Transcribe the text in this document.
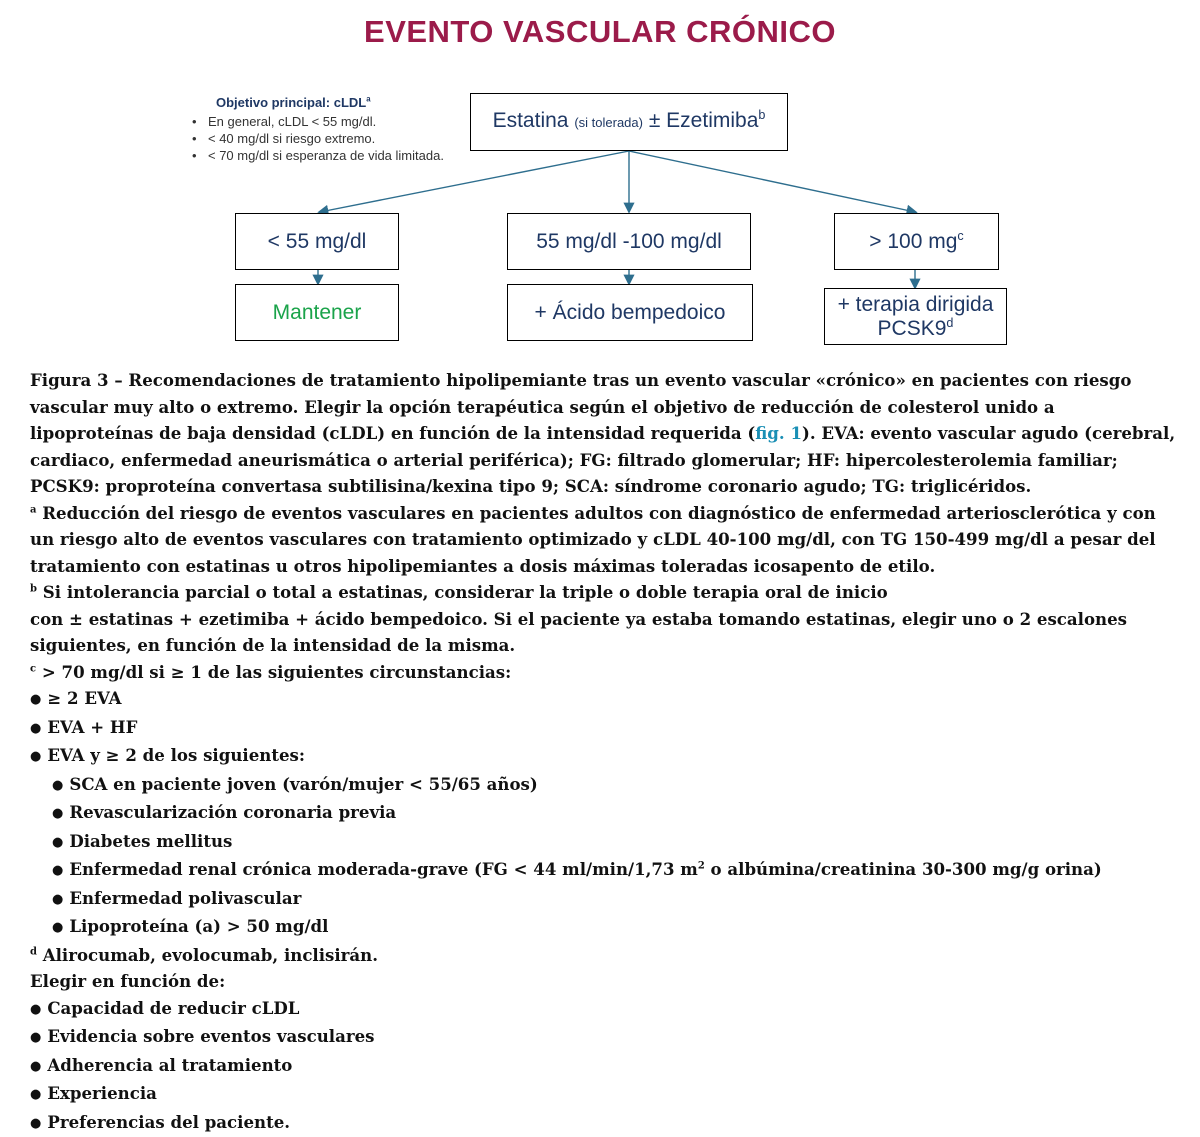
EVENTO VASCULAR CRÓNICO
Objetivo principal: cLDL$^a$
• En general, cLDL < 55 mg/dl.
• < 40 mg/dl si riesgo extremo.
• < 70 mg/dl si esperanza de vida limitada.
Estatina (si tolerada) ± Ezetimiba$^b$
< 55 mg/dl	55 mg/dl -100 mg/dl	> 100 $mg^c$
Mantener	+ Ácido bempedoico	+ terapia dirigida
PCSK9$^d$

Figura 3 – Recomendaciones de tratamiento hipolipemiante tras un evento vascular «crónico» en pacientes con riesgo vascular muy alto o extremo. Elegir la opción terapéutica según el objetivo de reducción de colesterol unido a lipoproteínas de baja densidad (cLDL) en función de la intensidad requerida (fig. 1). EVA: evento vascular agudo (cerebral, cardiaco, enfermedad aneurismática o arterial periférica); FG: filtrado glomerular; HF: hipercolesterolemia familiar; PCSK9: proproteína convertasa subtilisina/kexina tipo 9; SCA: síndrome coronario agudo; TG: triglicéridos.

$^a$ Reducción del riesgo de eventos vasculares en pacientes adultos con diagnóstico de enfermedad arteriosclerótica y con un riesgo alto de eventos vasculares con tratamiento optimizado y cLDL 40-100 mg/dl, con TG 150-499 mg/dl a pesar del tratamiento con estatinas u otros hipolipemiantes a dosis máximas toleradas icosapento de etilo.

$^b$ Si intolerancia parcial o total a estatinas, considerar la triple o doble terapia oral de inicio

con ± estatinas + ezetimiba + ácido bempedoico. Si el paciente ya estaba tomando estatinas, elegir uno o 2 escalones siguientes, en función de la intensidad de la misma.

$^c$ > 70 mg/dl si ≥ 1 de las siguientes circunstancias:

● ≥ 2 EVA

● EVA + HF

● EVA y ≥ 2 de los siguientes:

● SCA en paciente joven (varón/mujer < 55/65 años)

● Revascularización coronaria previa

● Diabetes mellitus

● Enfermedad renal crónica moderada-grave (FG < 44 ml/min/1,73 $m^2$ o albúmina/creatinina 30-300 mg/g orina)

● Enfermedad polivascular

● Lipoproteína (a) > 50 mg/dl

$^d$ Alirocumab, evolocumab, inclisirán.

Elegir en función de:

● Capacidad de reducir cLDL

● Evidencia sobre eventos vasculares

● Adherencia al tratamiento

● Experiencia

● Preferencias del paciente.
